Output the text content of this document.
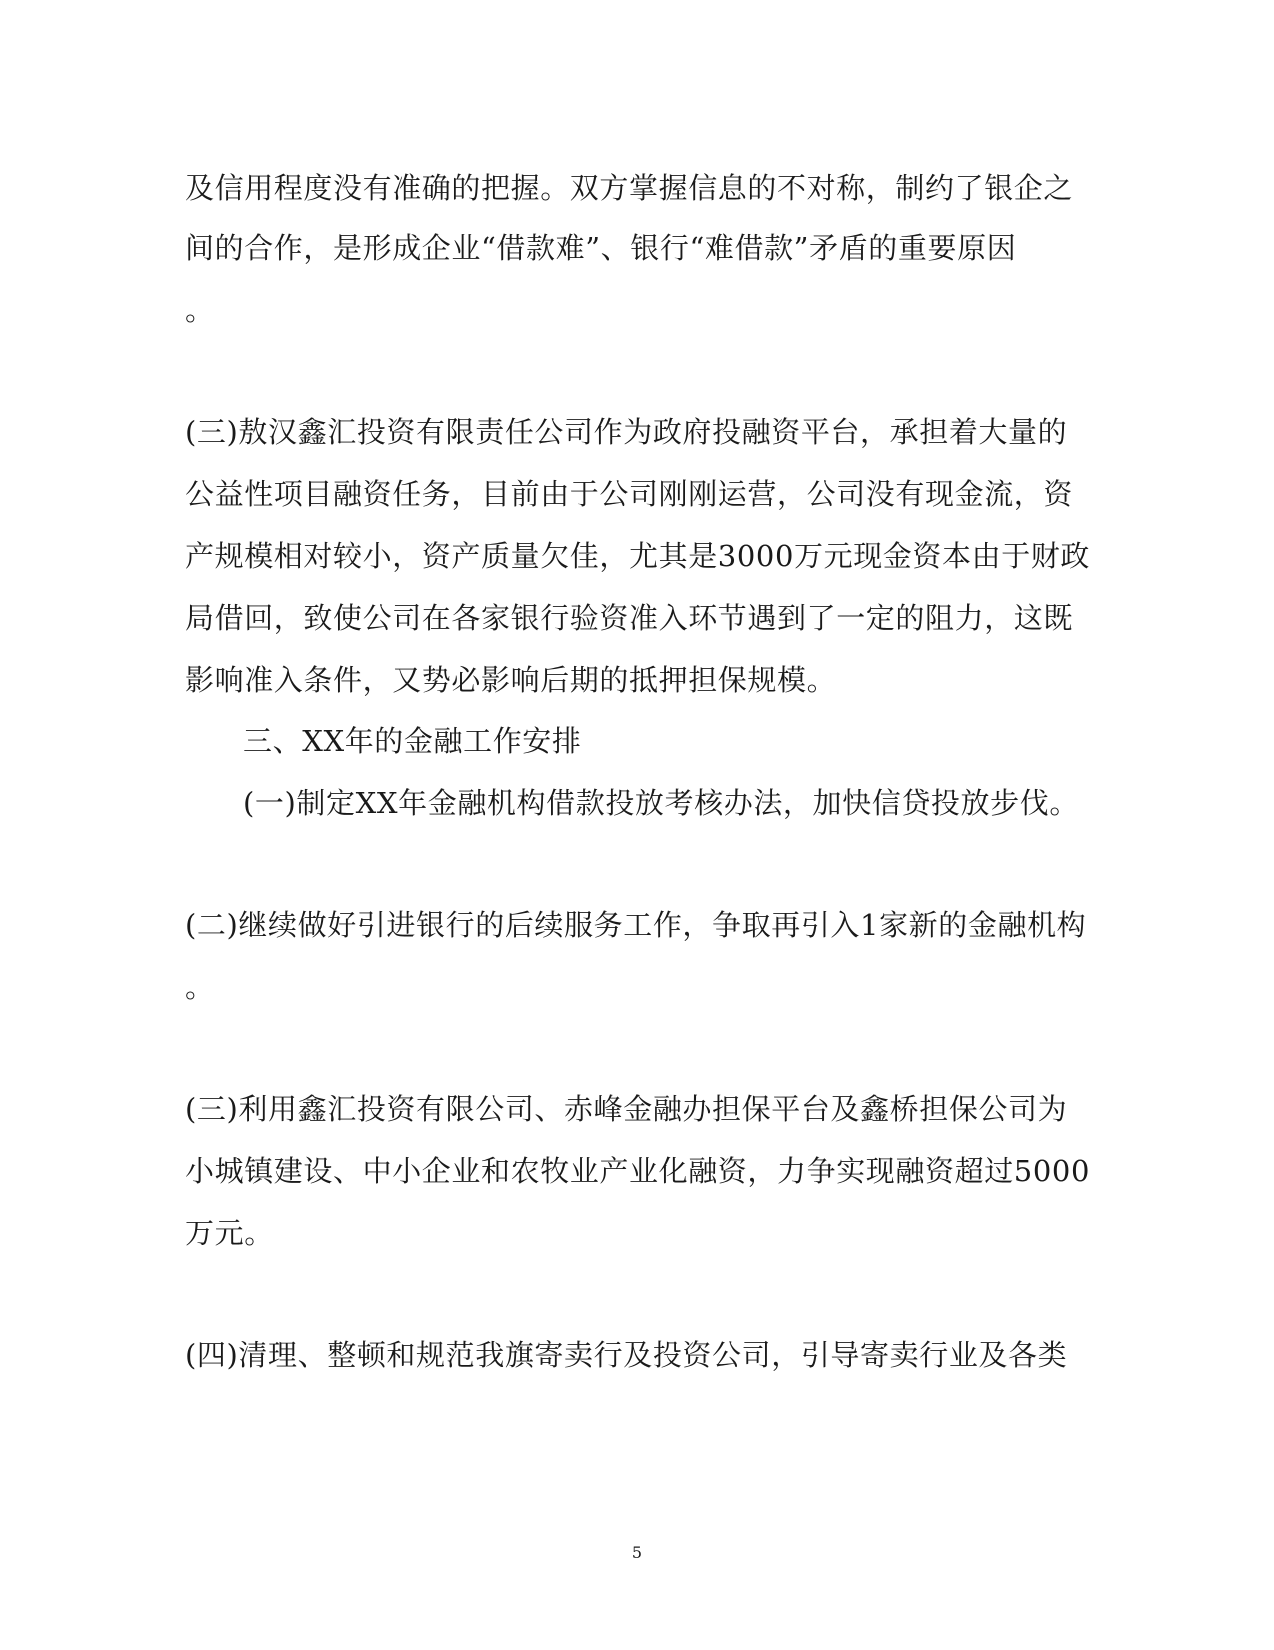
及信用程度没有准确的把握。双方掌握信息的不对称，制约了银企之
间的合作，是形成企业“借款难”、银行“难借款”矛盾的重要原因
。
(三)敖汉鑫汇投资有限责任公司作为政府投融资平台，承担着大量的
公益性项目融资任务，目前由于公司刚刚运营，公司没有现金流，资
产规模相对较小，资产质量欠佳，尤其是3000万元现金资本由于财政
局借回，致使公司在各家银行验资准入环节遇到了一定的阻力，这既
影响准入条件，又势必影响后期的抵押担保规模。
三、XX年的金融工作安排
(一)制定XX年金融机构借款投放考核办法，加快信贷投放步伐。
(二)继续做好引进银行的后续服务工作，争取再引入1家新的金融机构
。
(三)利用鑫汇投资有限公司、赤峰金融办担保平台及鑫桥担保公司为
小城镇建设、中小企业和农牧业产业化融资，力争实现融资超过5000
万元。
(四)清理、整顿和规范我旗寄卖行及投资公司，引导寄卖行业及各类
5
